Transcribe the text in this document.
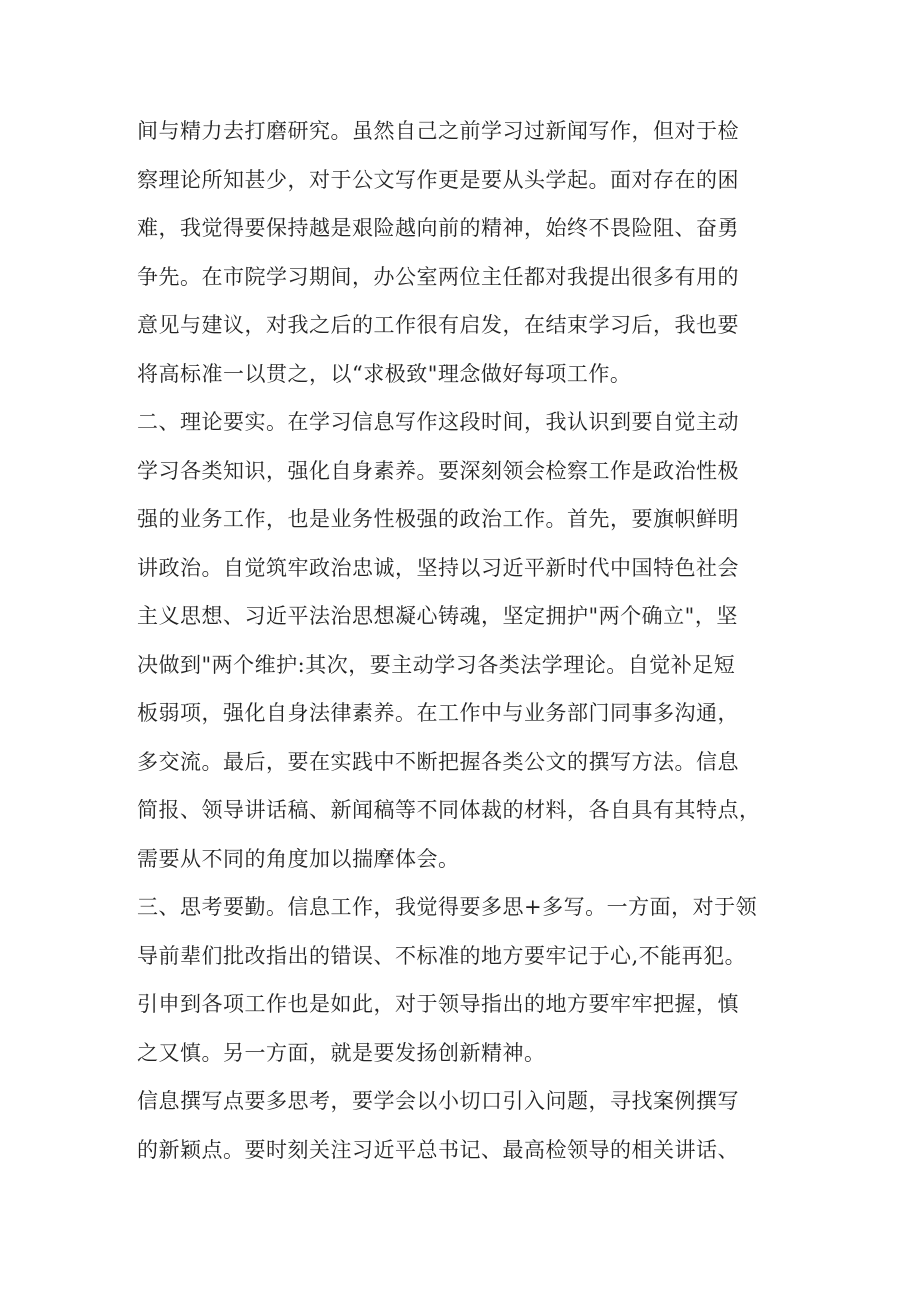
间与精力去打磨研究。虽然自己之前学习过新闻写作，但对于检
察理论所知甚少，对于公文写作更是要从头学起。面对存在的困
难，我觉得要保持越是艰险越向前的精神，始终不畏险阻、奋勇
争先。在市院学习期间，办公室两位主任都对我提出很多有用的
意见与建议，对我之后的工作很有启发，在结束学习后，我也要
将高标准一以贯之，以“求极致"理念做好每项工作。
二、理论要实。在学习信息写作这段时间，我认识到要自觉主动
学习各类知识，强化自身素养。要深刻领会检察工作是政治性极
强的业务工作，也是业务性极强的政治工作。首先，要旗帜鲜明
讲政治。自觉筑牢政治忠诚，坚持以习近平新时代中国特色社会
主义思想、习近平法治思想凝心铸魂，坚定拥护"两个确立"，坚
决做到"两个维护:其次，要主动学习各类法学理论。自觉补足短
板弱项，强化自身法律素养。在工作中与业务部门同事多沟通，
多交流。最后，要在实践中不断把握各类公文的撰写方法。信息
简报、领导讲话稿、新闻稿等不同体裁的材料，各自具有其特点，
需要从不同的角度加以揣摩体会。
三、思考要勤。信息工作，我觉得要多思+多写。一方面，对于领
导前辈们批改指出的错误、不标准的地方要牢记于心,不能再犯。
引申到各项工作也是如此，对于领导指出的地方要牢牢把握，慎
之又慎。另一方面，就是要发扬创新精神。
信息撰写点要多思考，要学会以小切口引入问题，寻找案例撰写
的新颖点。要时刻关注习近平总书记、最高检领导的相关讲话、
